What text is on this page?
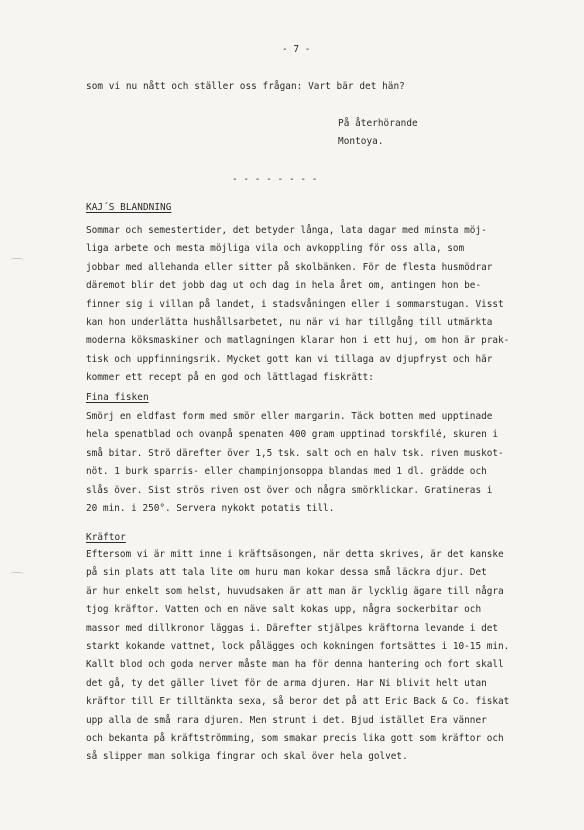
- 7 -
som vi nu nått och ställer oss frågan: Vart bär det hän?
På återhörande
Montoya.
- - - - - - - -
KAJ´S BLANDNING
Sommar och semestertider, det betyder långa, lata dagar med minsta möj-
liga arbete och mesta möjliga vila och avkoppling för oss alla, som
jobbar med allehanda eller sitter på skolbänken. För de flesta husmödrar
däremot blir det jobb dag ut och dag in hela året om, antingen hon be-
finner sig i villan på landet, i stadsvåningen eller i sommarstugan. Visst
kan hon underlätta hushållsarbetet, nu när vi har tillgång till utmärkta
moderna köksmaskiner och matlagningen klarar hon i ett huj, om hon är prak-
tisk och uppfinningsrik. Mycket gott kan vi tillaga av djupfryst och här
kommer ett recept på en god och lättlagad fiskrätt:
Fina fisken
Smörj en eldfast form med smör eller margarin. Täck botten med upptinade
hela spenatblad och ovanpå spenaten 400 gram upptinad torskfilé, skuren i
små bitar. Strö därefter över 1,5 tsk. salt och en halv tsk. riven muskot-
nöt. 1 burk sparris- eller champinjonsoppa blandas med 1 dl. grädde och
slås över. Sist strös riven ost över och några smörklickar. Gratineras i
20 min. i 250°. Servera nykokt potatis till.
Kräftor
Eftersom vi är mitt inne i kräftsäsongen, när detta skrives, är det kanske
på sin plats att tala lite om huru man kokar dessa små läckra djur. Det
är hur enkelt som helst, huvudsaken är att man är lycklig ägare till några
tjog kräftor. Vatten och en näve salt kokas upp, några sockerbitar och
massor med dillkronor läggas i. Därefter stjälpes kräftorna levande i det
starkt kokande vattnet, lock pålägges och kokningen fortsättes i 10-15 min.
Kallt blod och goda nerver måste man ha för denna hantering och fort skall
det gå, ty det gäller livet för de arma djuren. Har Ni blivit helt utan
kräftor till Er tilltänkta sexa, så beror det på att Eric Back & Co. fiskat
upp alla de små rara djuren. Men strunt i det. Bjud istället Era vänner
och bekanta på kräftströmming, som smakar precis lika gott som kräftor och
så slipper man solkiga fingrar och skal över hela golvet.
